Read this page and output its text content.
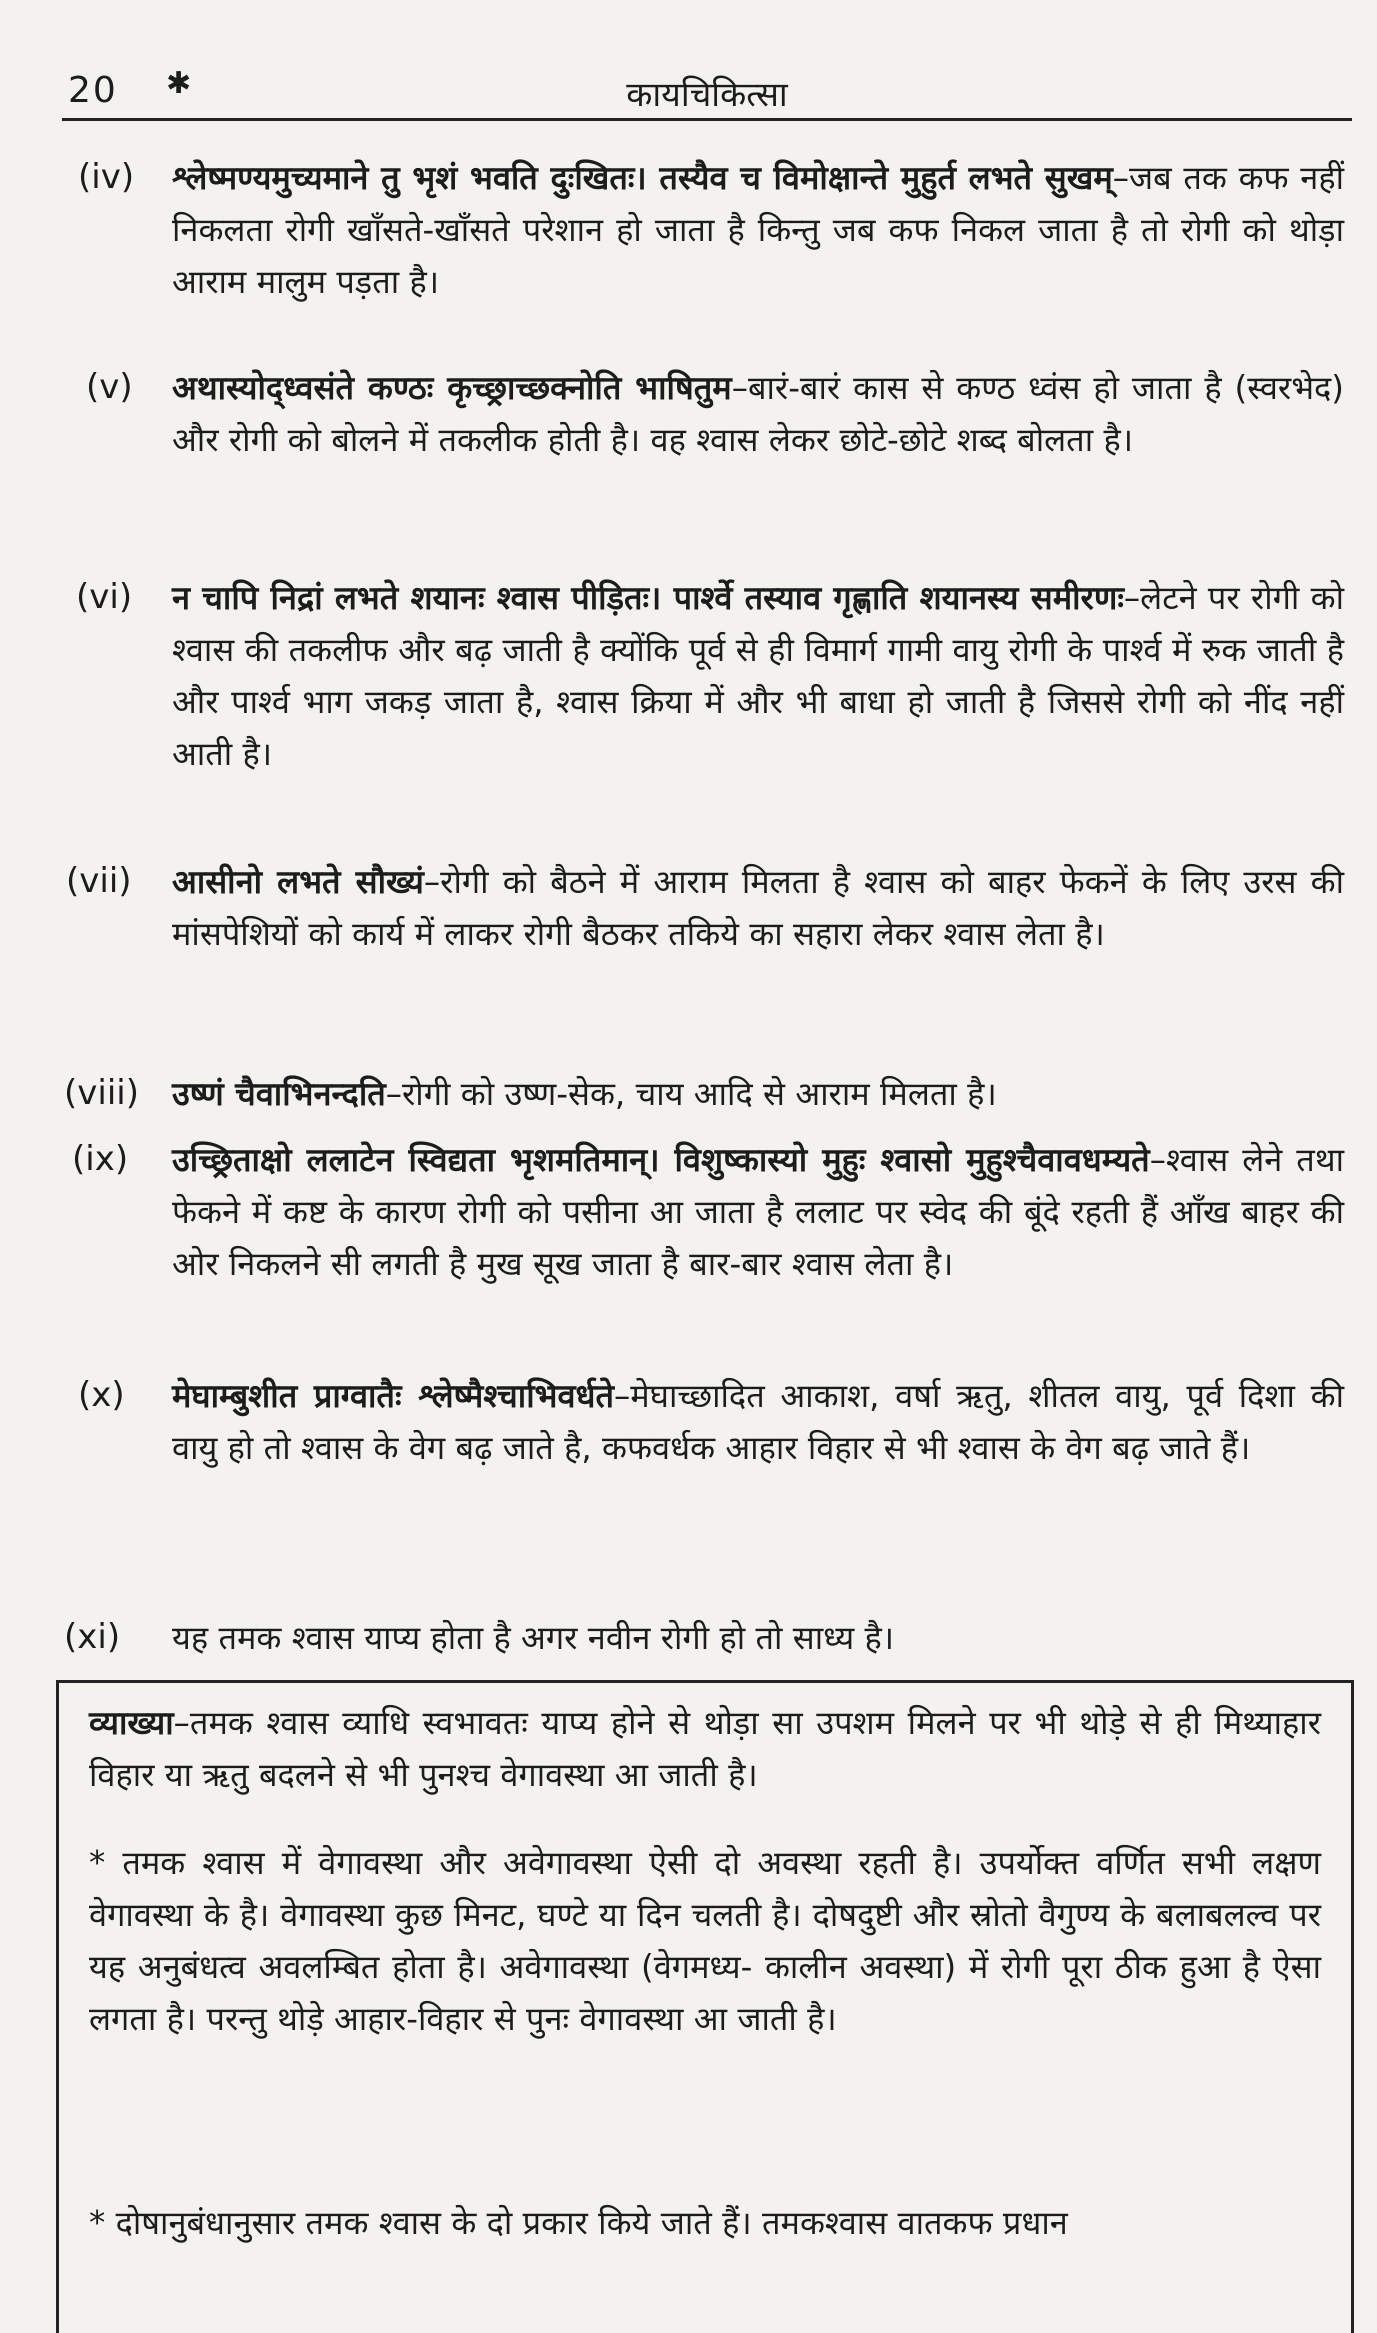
20 ✱	कायचिकित्सा
(iv) श्लेष्मण्यमुच्यमाने तु भृशं भवति दुःखितः। तस्यैव च विमोक्षान्ते मुहुर्त लभते सुखम्–जब तक कफ नहीं निकलता रोगी खाँसते-खाँसते परेशान हो जाता है किन्तु जब कफ निकल जाता है तो रोगी को थोड़ा आराम मालुम पड़ता है।
(v) अथास्योद्ध्वसंते कण्ठः कृच्छ्राच्छक्नोति भाषितुम–बारं-बारं कास से कण्ठ ध्वंस हो जाता है (स्वरभेद) और रोगी को बोलने में तकलीक होती है। वह श्वास लेकर छोटे-छोटे शब्द बोलता है।
(vi) न चापि निद्रां लभते शयानः श्वास पीड़ितः। पार्श्वे तस्याव गृह्णाति शयानस्य समीरणः–लेटने पर रोगी को श्वास की तकलीफ और बढ़ जाती है क्योंकि पूर्व से ही विमार्ग गामी वायु रोगी के पार्श्व में रुक जाती है और पार्श्व भाग जकड़ जाता है, श्वास क्रिया में और भी बाधा हो जाती है जिससे रोगी को नींद नहीं आती है।
(vii) आसीनो लभते सौख्यं–रोगी को बैठने में आराम मिलता है श्वास को बाहर फेकनें के लिए उरस की मांसपेशियों को कार्य में लाकर रोगी बैठकर तकिये का सहारा लेकर श्वास लेता है।
(viii) उष्णं चैवाभिनन्दति–रोगी को उष्ण-सेक, चाय आदि से आराम मिलता है।
(ix) उच्छ्रिताक्षो ललाटेन स्विद्यता भृशमतिमान्। विशुष्कास्यो मुहुः श्वासो मुहुश्चैवावधम्यते–श्वास लेने तथा फेकने में कष्ट के कारण रोगी को पसीना आ जाता है ललाट पर स्वेद की बूंदे रहती हैं आँख बाहर की ओर निकलने सी लगती है मुख सूख जाता है बार-बार श्वास लेता है।
(x) मेघाम्बुशीत प्राग्वातैः श्लेष्मैश्चाभिवर्धते–मेघाच्छादित आकाश, वर्षा ऋतु, शीतल वायु, पूर्व दिशा की वायु हो तो श्वास के वेग बढ़ जाते है, कफवर्धक आहार विहार से भी श्वास के वेग बढ़ जाते हैं।
(xi) यह तमक श्वास याप्य होता है अगर नवीन रोगी हो तो साध्य है।

व्याख्या–तमक श्वास व्याधि स्वभावतः याप्य होने से थोड़ा सा उपशम मिलने पर भी थोड़े से ही मिथ्याहार विहार या ऋतु बदलने से भी पुनश्च वेगावस्था आ जाती है।

* तमक श्वास में वेगावस्था और अवेगावस्था ऐसी दो अवस्था रहती है। उपर्योक्त वर्णित सभी लक्षण वेगावस्था के है। वेगावस्था कुछ मिनट, घण्टे या दिन चलती है। दोषदुष्टी और स्रोतो वैगुण्य के बलाबलल्व पर यह अनुबंधत्व अवलम्बित होता है। अवेगावस्था (वेगमध्य- कालीन अवस्था) में रोगी पूरा ठीक हुआ है ऐसा लगता है। परन्तु थोड़े आहार-विहार से पुनः वेगावस्था आ जाती है।

* दोषानुबंधानुसार तमक श्वास के दो प्रकार किये जाते हैं। तमकश्वास वातकफ प्रधान
